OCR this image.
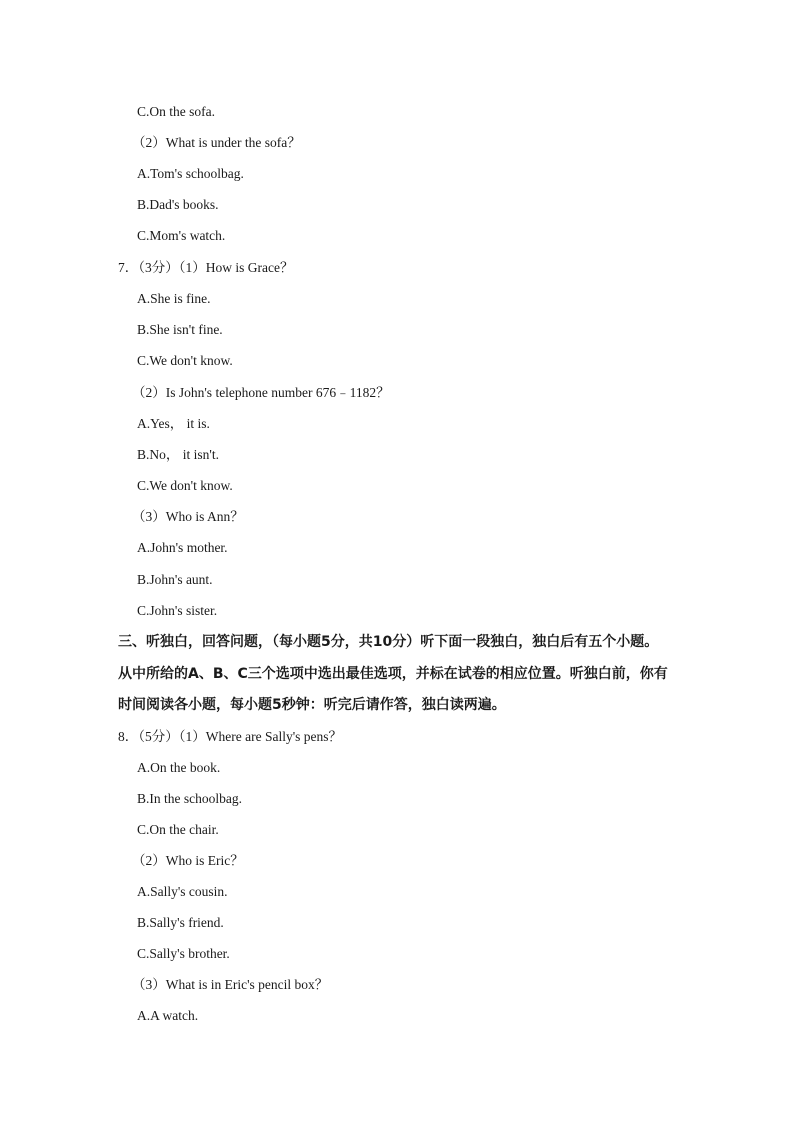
C.On the sofa.
（2）What is under the sofa？
A.Tom's schoolbag.
B.Dad's books.
C.Mom's watch.
7．（3分）（1）How is Grace？
A.She is fine.
B.She isn't fine.
C.We don't know.
（2）Is John's telephone number 676﹣1182？
A.Yes， it is.
B.No， it isn't.
C.We don't know.
（3）Who is Ann？
A.John's mother.
B.John's aunt.
C.John's sister.
三、听独白，回答问题，（每小题5分，共10分）听下面一段独白，独白后有五个小题。
从中所给的A、B、C三个选项中选出最佳选项，并标在试卷的相应位置。听独白前，你有
时间阅读各小题，每小题5秒钟：听完后请作答，独白读两遍。
8．（5分）（1）Where are Sally's pens？
A.On the book.
B.In the schoolbag.
C.On the chair.
（2）Who is Eric？
A.Sally's cousin.
B.Sally's friend.
C.Sally's brother.
（3）What is in Eric's pencil box？
A.A watch.
